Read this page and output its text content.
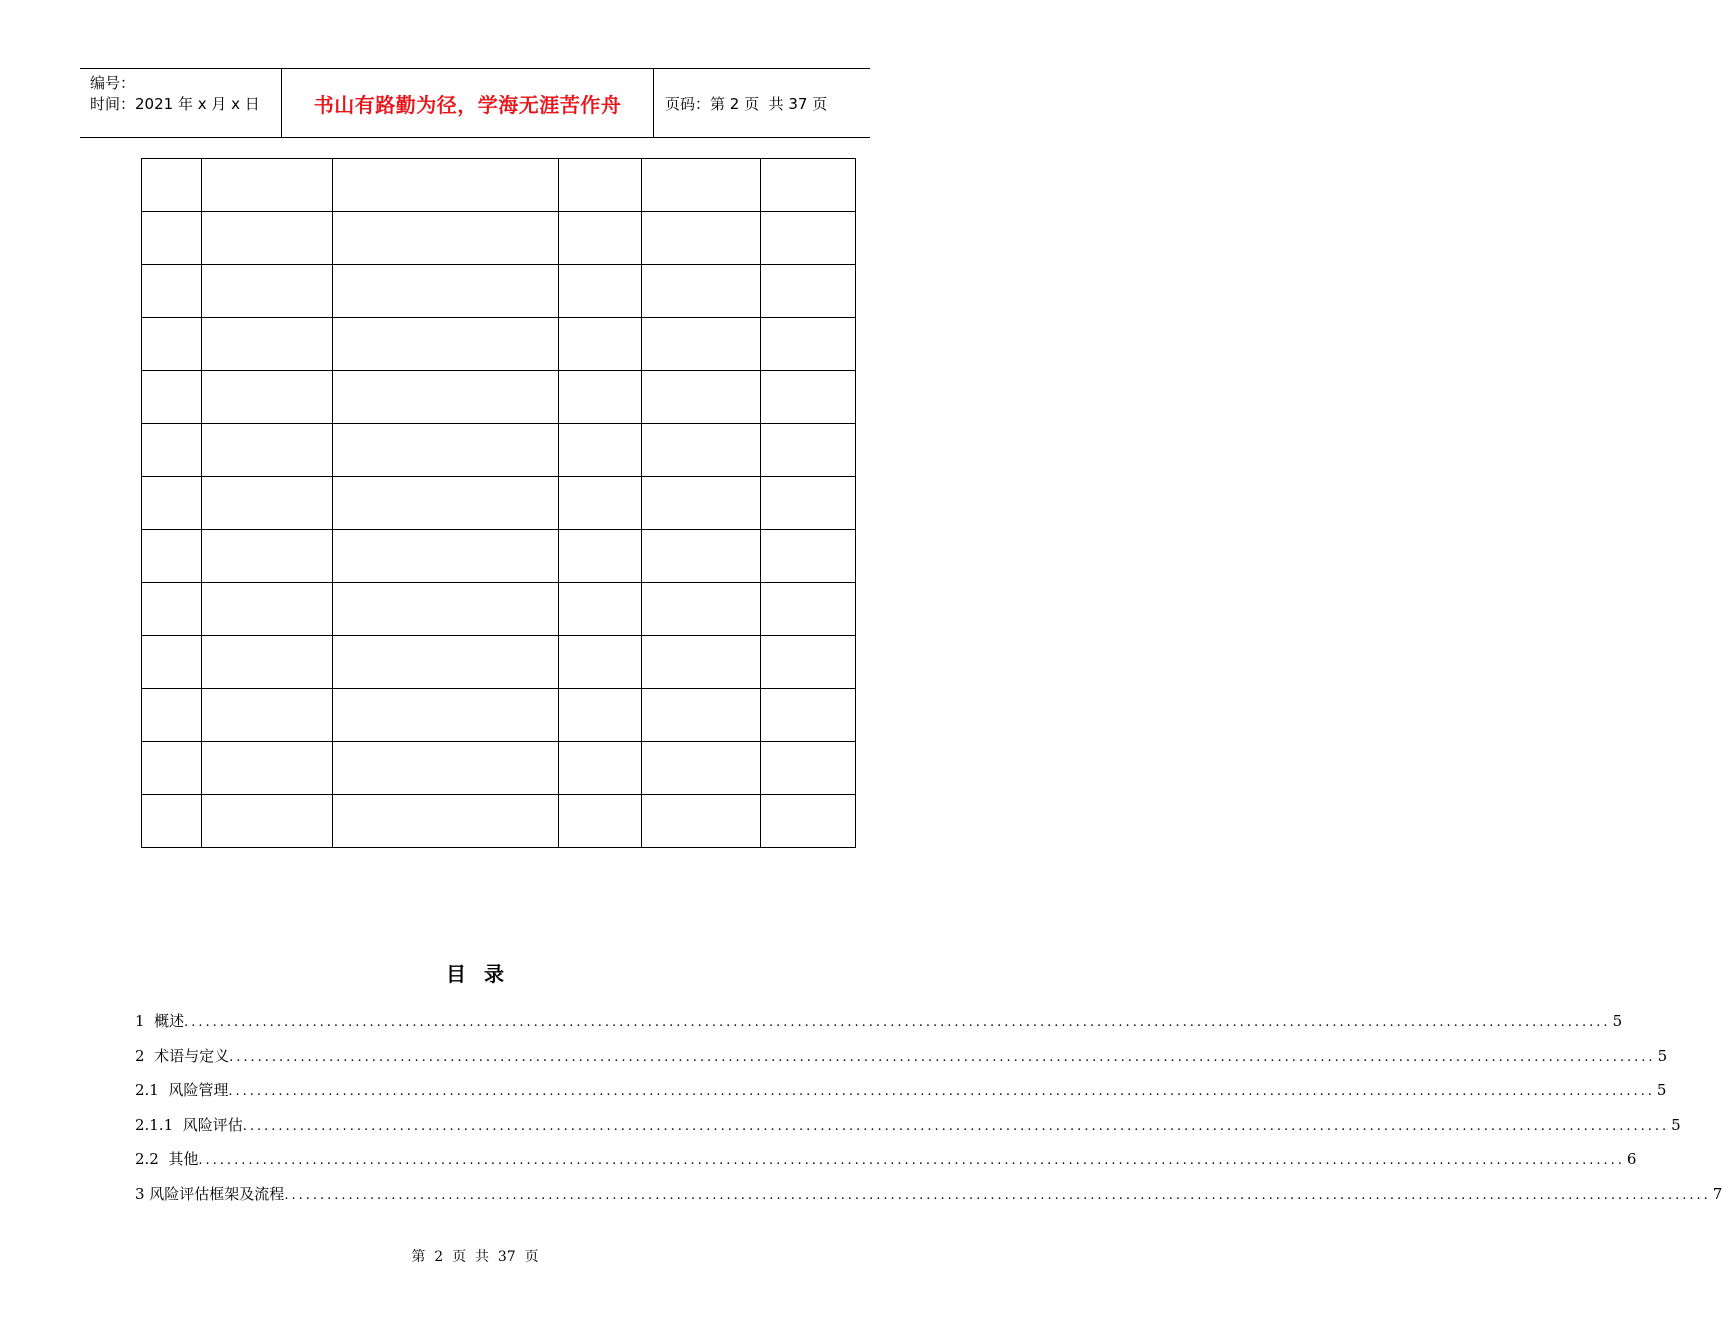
编号：
时间：2021 年 x 月 x 日	书山有路勤为径，学海无涯苦作舟	页码：第 2 页  共 37 页

目录
1  概述 ........................................................................................................................................................................................................ 5
2  术语与定义 ........................................................................................................................................................................................................ 5
2.1  风险管理 ........................................................................................................................................................................................................ 5
2.1.1  风险评估 ........................................................................................................................................................................................................ 5
2.2  其他 ........................................................................................................................................................................................................ 6
3 风险评估框架及流程 ........................................................................................................................................................................................................ 7
第  2  页  共  37  页
